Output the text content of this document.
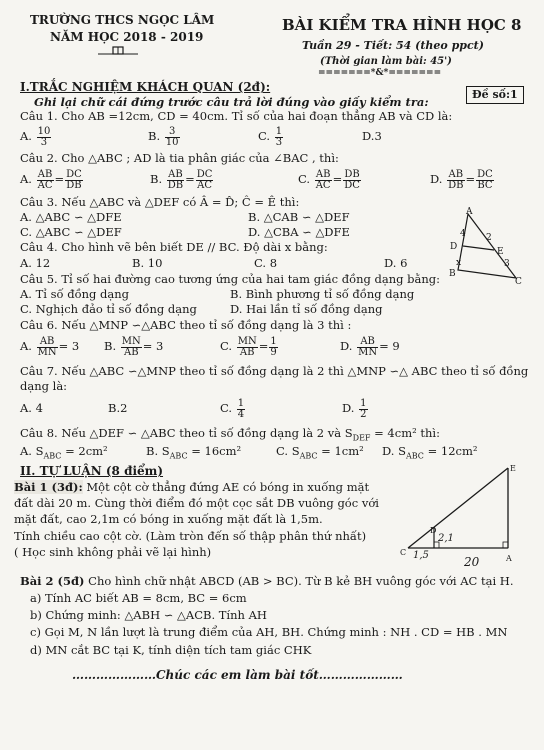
TRƯỜNG THCS NGỌC LÂM
NĂM HỌC 2018 - 2019
BÀI KIỂM TRA HÌNH HỌC 8
Tuần 29 - Tiết: 54 (theo ppct)
(Thời gian làm bài: 45')
=======*&*=======
Đề số:1
I.TRẮC NGHIỆM KHÁCH QUAN (2đ):
Ghi lại chữ cái đứng trước câu trả lời đúng vào giấy kiểm tra:
Câu 1. Cho AB =12cm, CD = 40cm. Tỉ số của hai đoạn thẳng AB và CD là:
A. $\frac{10}{3}$	B. $\frac{3}{10}$	C. $\frac{1}{3}$	D.3
Câu 2. Cho △ABC ; AD là tia phân giác của ∠BAC , thì:
A. $\frac{AB}{AC} = \frac{DC}{DB}$	B. $\frac{AB}{DB} = \frac{DC}{AC}$	C. $\frac{AB}{AC} = \frac{DB}{DC}$	D. $\frac{AB}{DB} = \frac{DC}{BC}$
Câu 3. Nếu △ABC và △DEF có Â = D̂; Ĉ = Ê thì:
A. △ABC ∽ △DFE	B. △CAB ∽ △DEF
C. △ABC ∽ △DEF	D. △CBA ∽ △DFE
Câu 4. Cho hình vẽ bên biết DE // BC. Độ dài x bằng:
A. 12	B. 10	C. 8	D. 6
A
D	E
B
C
4
x	3
2
Câu 5. Tỉ số hai đường cao tương ứng của hai tam giác đồng dạng bằng:
A. Tỉ số đồng dạng	B. Bình phương tỉ số đồng dạng
C. Nghịch đảo tỉ số đồng dạng	D. Hai lần tỉ số đồng dạng
Câu 6. Nếu △MNP ∽△ABC theo tỉ số đồng dạng là 3 thì :
A. $\frac{AB}{MN} = 3$ B. $\frac{MN}{AB} = 3$	C. $\frac{MN}{AB} = \frac{1}{9}$	D. $\frac{AB}{MN} = 9$
Câu 7. Nếu △ABC ∽△MNP theo tỉ số đồng dạng là 2 thì △MNP ∽△ ABC theo tỉ số đồng
dạng là:
A. 4	B.2	C. $\frac{1}{4}$	D. $\frac{1}{2}$
Câu 8. Nếu △DEF ∽ △ABC theo tỉ số đồng dạng là 2 và $S_{DEF} = 4cm^2$ thì:
A. $S_{ABC} = 2cm^2$	B. $S_{ABC} = 16cm^2$	C. $S_{ABC} = 1cm^2$ D. $S_{ABC} = 12cm^2$
II. TỰ LUẬN (8 điểm)
Bài 1 (3đ): Một cột cờ thẳng đứng AE có bóng in xuống mặt
đất dài 20 m. Cùng thời điểm đó một cọc sắt DB vuông góc với
mặt đất, cao 2,1m có bóng in xuống mặt đất là 1,5m.
Tính chiều cao cột cờ. (Làm tròn đến số thập phân thứ nhất)
( Học sinh không phải vẽ lại hình)
E
D
2,1
1,5
C
20	A
Bài 2 (5đ) Cho hình chữ nhật ABCD (AB > BC). Từ B kẻ BH vuông góc với AC tại H.
a) Tính AC biết AB = 8cm, BC = 6cm
b) Chứng minh: △ABH ∽ △ACB. Tính AH
c) Gọi M, N lần lượt là trung điểm của AH, BH. Chứng minh : NH . CD = HB . MN
d) MN cắt BC tại K, tính diện tích tam giác CHK
…………………Chúc các em làm bài tốt…………………
